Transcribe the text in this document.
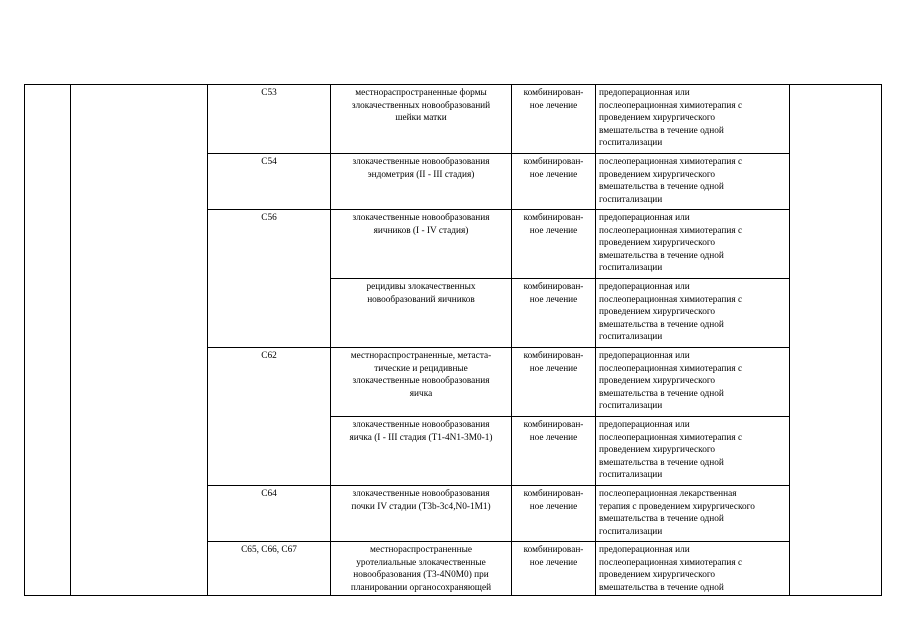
		C53	местнораспространенные формы
злокачественных новообразований
шейки матки	комбинирован-
ное лечение	предоперационная или
послеоперационная химиотерапия с
проведением хирургического
вмешательства в течение одной
госпитализации	

		C54	злокачественные новообразования
эндометрия (II - III стадия)	комбинирован-
ное лечение	послеоперационная химиотерапия с
проведением хирургического
вмешательства в течение одной
госпитализации	

		C56	злокачественные новообразования
яичников (I - IV стадия)	комбинирован-
ное лечение	предоперационная или
послеоперационная химиотерапия с
проведением хирургического
вмешательства в течение одной
госпитализации	

			рецидивы злокачественных
новообразований яичников	комбинирован-
ное лечение	предоперационная или
послеоперационная химиотерапия с
проведением хирургического
вмешательства в течение одной
госпитализации	

		C62	местнораспространенные, метаста-
тические и рецидивные
злокачественные новообразования
яичка	комбинирован-
ное лечение	предоперационная или
послеоперационная химиотерапия с
проведением хирургического
вмешательства в течение одной
госпитализации	

			злокачественные новообразования
яичка (I - III стадия (T1-4N1-3M0-1)	комбинирован-
ное лечение	предоперационная или
послеоперационная химиотерапия с
проведением хирургического
вмешательства в течение одной
госпитализации	

		C64	злокачественные новообразования
почки IV стадии (T3b-3c4,N0-1M1)	комбинирован-
ное лечение	послеоперационная лекарственная
терапия с проведением хирургического
вмешательства в течение одной
госпитализации	

		C65, C66, C67	местнораспространенные
уротелиальные злокачественные
новообразования (T3-4N0M0) при
планировании органосохраняющей	комбинирован-
ное лечение	предоперационная или
послеоперационная химиотерапия с
проведением хирургического
вмешательства в течение одной	
